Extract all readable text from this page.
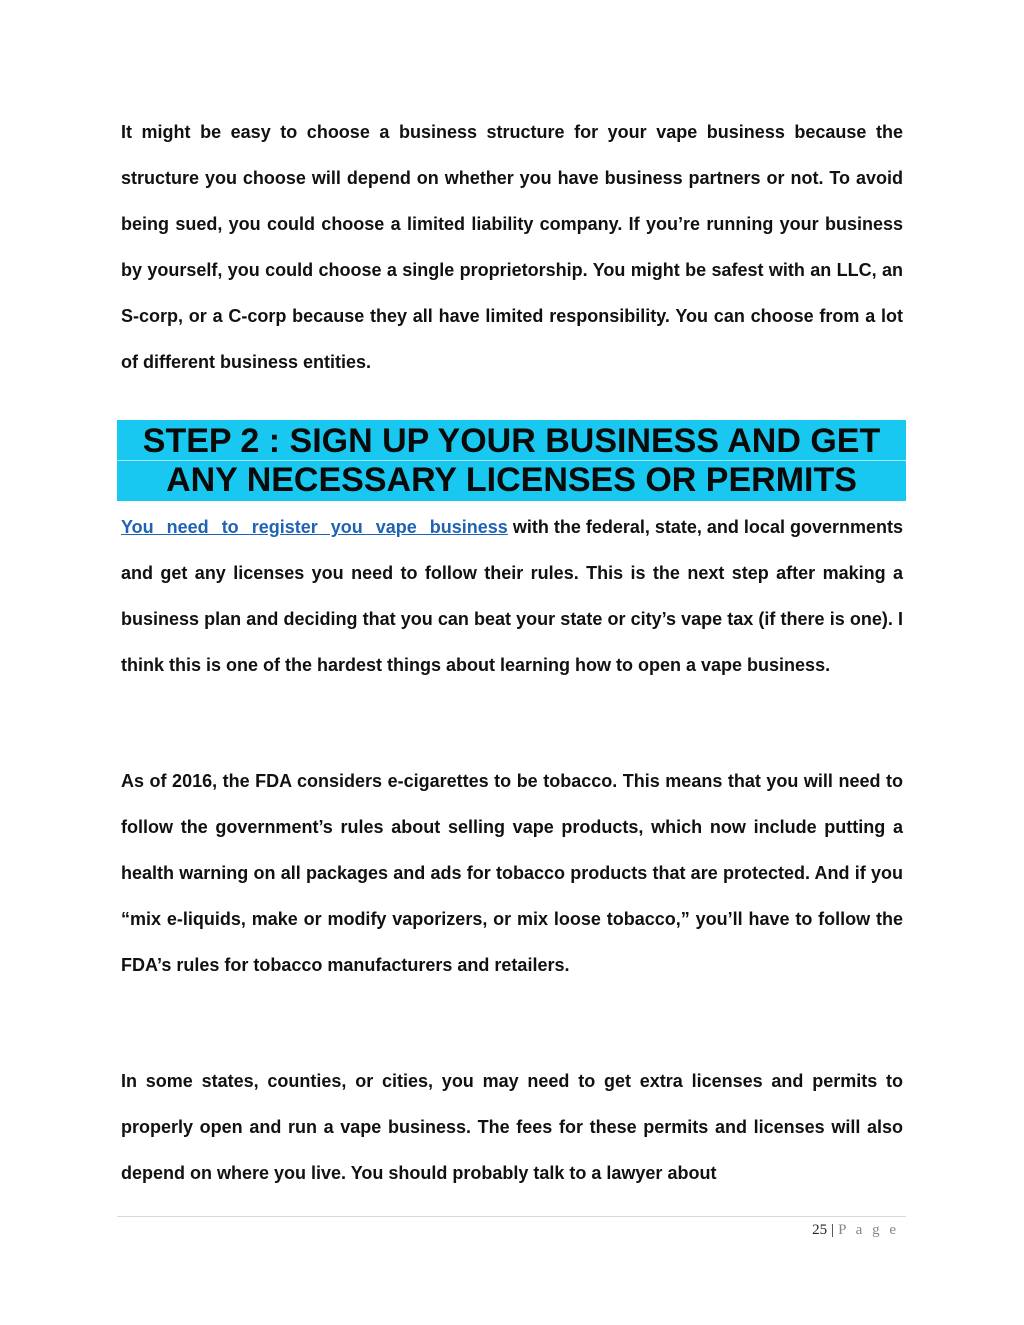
It might be easy to choose a business structure for your vape business because the structure you choose will depend on whether you have business partners or not. To avoid being sued, you could choose a limited liability company. If you’re running your business by yourself, you could choose a single proprietorship. You might be safest with an LLC, an S-corp, or a C-corp because they all have limited responsibility. You can choose from a lot of different business entities.

STEP 2 : SIGN UP YOUR BUSINESS AND GET
ANY NECESSARY LICENSES OR PERMITS

You need to register you vape business with the federal, state, and local governments and get any licenses you need to follow their rules. This is the next step after making a business plan and deciding that you can beat your state or city’s vape tax (if there is one). I think this is one of the hardest things about learning how to open a vape business.

As of 2016, the FDA considers e-cigarettes to be tobacco. This means that you will need to follow the government’s rules about selling vape products, which now include putting a health warning on all packages and ads for tobacco products that are protected. And if you “mix e-liquids, make or modify vaporizers, or mix loose tobacco,” you’ll have to follow the FDA’s rules for tobacco manufacturers and retailers.

In some states, counties, or cities, you may need to get extra licenses and permits to properly open and run a vape business. The fees for these permits and licenses will also depend on where you live. You should probably talk to a lawyer about

25 | P a g e
